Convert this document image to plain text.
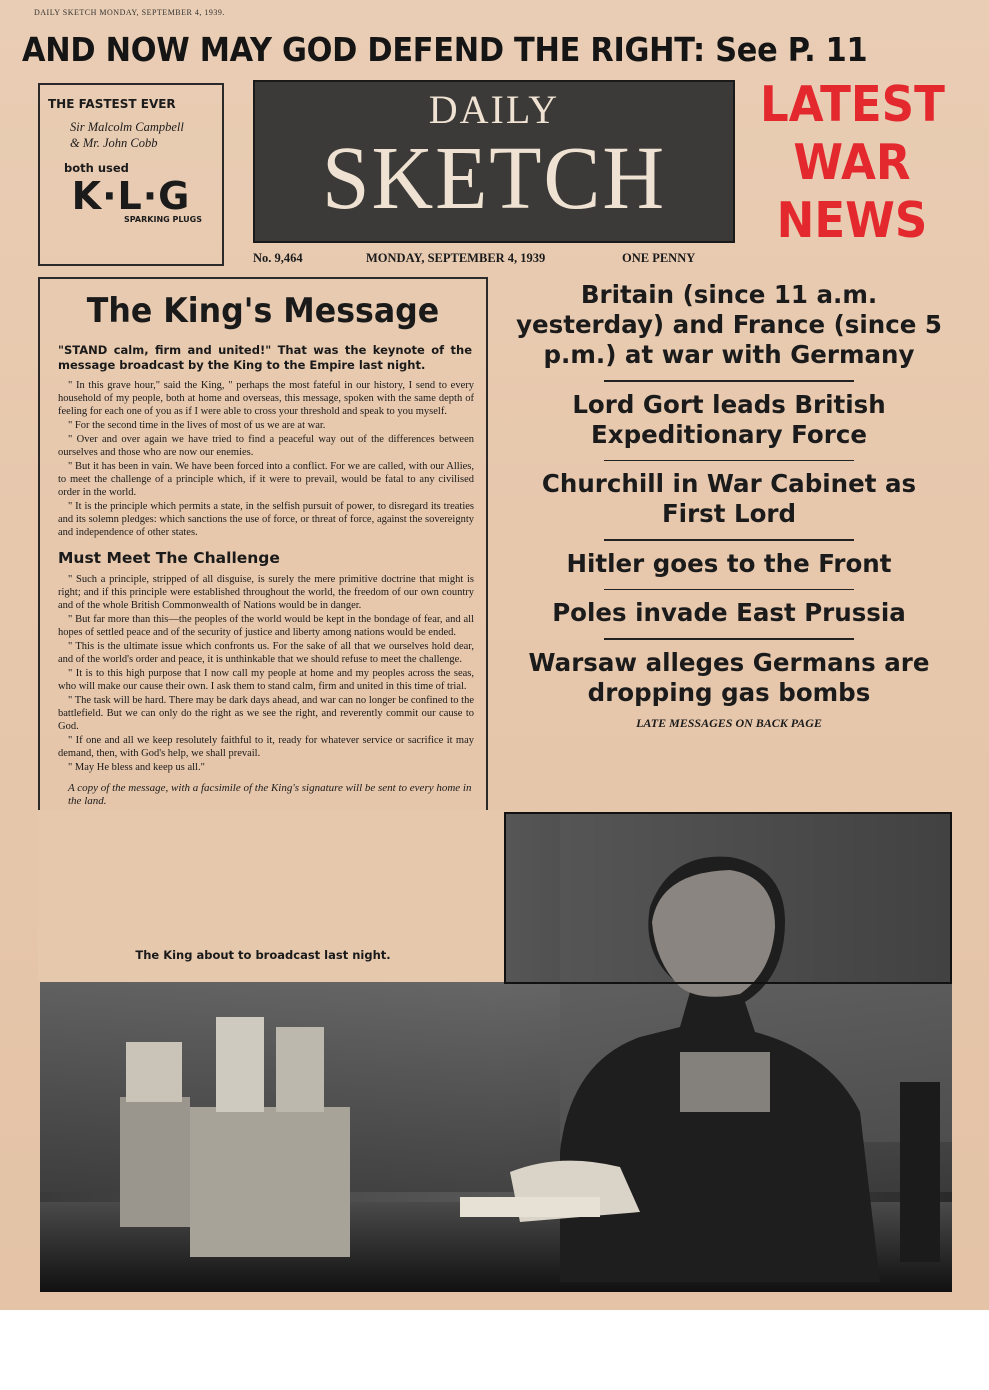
DAILY SKETCH MONDAY, SEPTEMBER 4, 1939.
AND NOW MAY GOD DEFEND THE RIGHT: See P. 11
THE FASTEST EVER
Sir Malcolm Campbell
& Mr. John Cobb
both used
K·L·G
SPARKING PLUGS
DAILY
SKETCH
LATEST
WAR
NEWS
No. 9,464	MONDAY, SEPTEMBER 4, 1939	ONE PENNY
The King's Message
"STAND calm, firm and united!" That was the keynote of the message broadcast by the King to the Empire last night.

" In this grave hour," said the King, " perhaps the most fateful in our history, I send to every household of my people, both at home and overseas, this message, spoken with the same depth of feeling for each one of you as if I were able to cross your threshold and speak to you myself.

" For the second time in the lives of most of us we are at war.

" Over and over again we have tried to find a peaceful way out of the differences between ourselves and those who are now our enemies.

" But it has been in vain. We have been forced into a conflict. For we are called, with our Allies, to meet the challenge of a principle which, if it were to prevail, would be fatal to any civilised order in the world.

" It is the principle which permits a state, in the selfish pursuit of power, to disregard its treaties and its solemn pledges: which sanctions the use of force, or threat of force, against the sovereignty and independence of other states.

Must Meet The Challenge

" Such a principle, stripped of all disguise, is surely the mere primitive doctrine that might is right; and if this principle were established throughout the world, the freedom of our own country and of the whole British Commonwealth of Nations would be in danger.

" But far more than this—the peoples of the world would be kept in the bondage of fear, and all hopes of settled peace and of the security of justice and liberty among nations would be ended.

" This is the ultimate issue which confronts us. For the sake of all that we ourselves hold dear, and of the world's order and peace, it is unthinkable that we should refuse to meet the challenge.

" It is to this high purpose that I now call my people at home and my peoples across the seas, who will make our cause their own. I ask them to stand calm, firm and united in this time of trial.

" The task will be hard. There may be dark days ahead, and war can no longer be confined to the battlefield. But we can only do the right as we see the right, and reverently commit our cause to God.

" If one and all we keep resolutely faithful to it, ready for whatever service or sacrifice it may demand, then, with God's help, we shall prevail.

" May He bless and keep us all."

A copy of the message, with a facsimile of the King's signature will be sent to every home in the land.
Britain (since 11 a.m. yesterday) and France (since 5 p.m.) at war with Germany
Lord Gort leads British Expeditionary Force
Churchill in War Cabinet as First Lord
Hitler goes to the Front
Poles invade East Prussia
Warsaw alleges Germans are dropping gas bombs
LATE MESSAGES ON BACK PAGE
The King about to broadcast last night.
